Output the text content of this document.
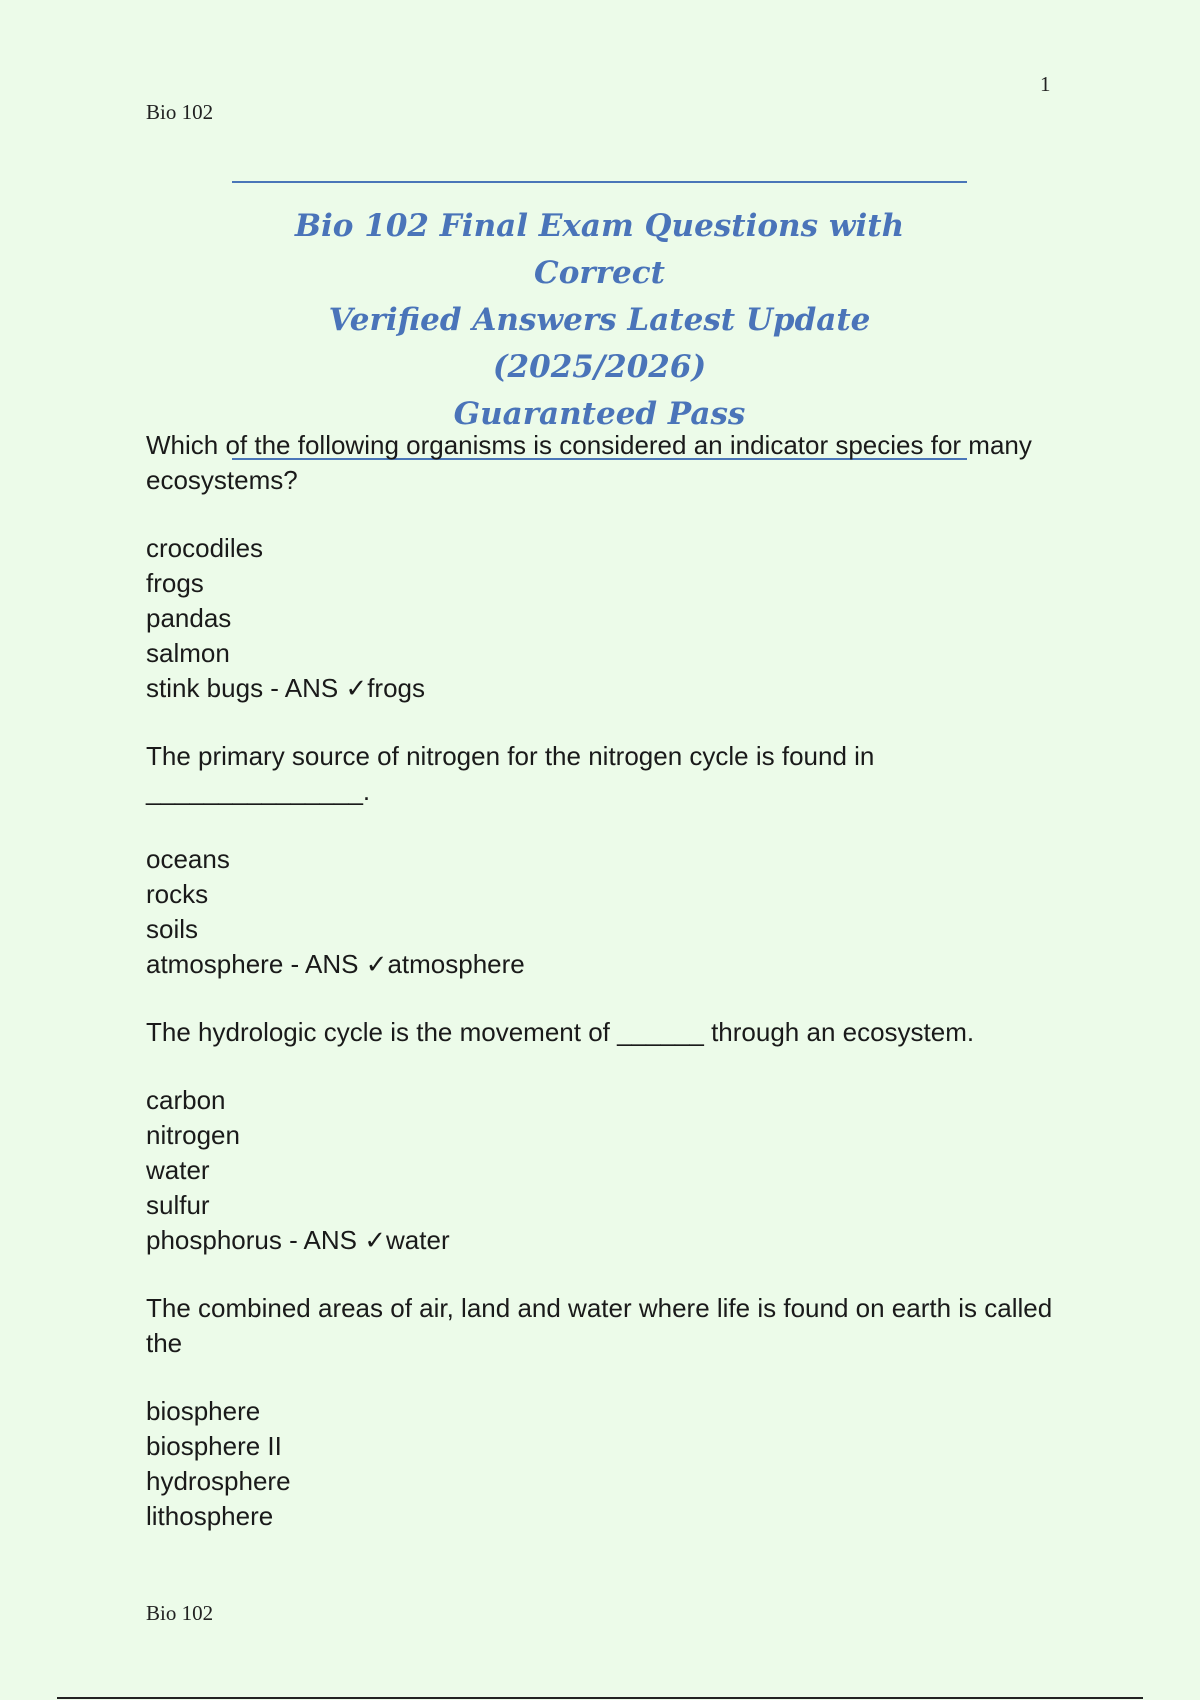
1
Bio 102

Bio 102 Final Exam Questions with Correct

Verified Answers Latest Update (2025/2026)

Guaranteed Pass

Which of the following organisms is considered an indicator species for many ecosystems?

crocodiles
frogs
pandas
salmon
stink bugs - ANS ✓frogs

The primary source of nitrogen for the nitrogen cycle is found in _______________.

oceans
rocks
soils
atmosphere - ANS ✓atmosphere

The hydrologic cycle is the movement of ______ through an ecosystem.

carbon
nitrogen
water
sulfur
phosphorus - ANS ✓water

The combined areas of air, land and water where life is found on earth is called the

biosphere
biosphere II
hydrosphere
lithosphere
Bio 102
